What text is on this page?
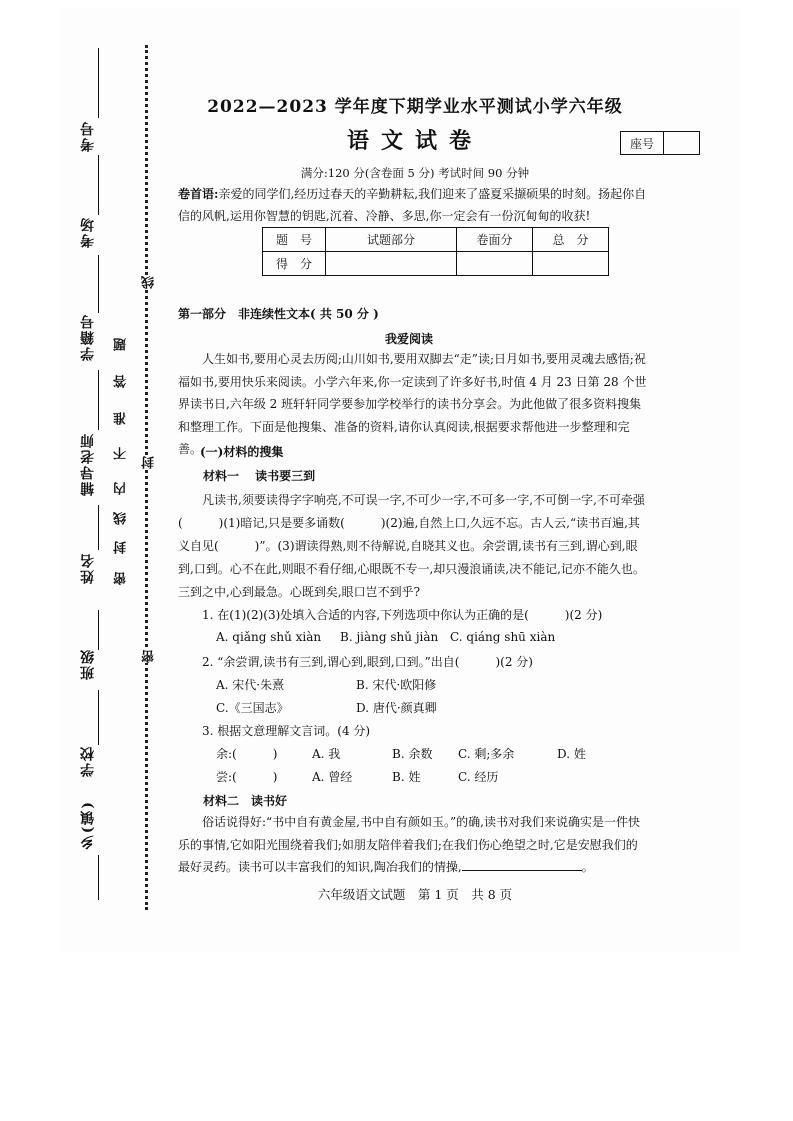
考号
考场
学籍号
辅导老师
姓名
班级
学校
乡(镇)
题
答
准
不
内
线
封
密
线
封
密
2022—2023 学年度下期学业水平测试小学六年级
语文试卷	座号
满分:120 分(含卷面 5 分) 考试时间 90 分钟
卷首语:亲爱的同学们,经历过春天的辛勤耕耘,我们迎来了盛夏采撷硕果的时刻。扬起你自信的风帆,运用你智慧的钥匙,沉着、冷静、多思,你一定会有一份沉甸甸的收获!
题　号	试题部分	卷面分	总　分
得　分			
第一部分　非连续性文本( 共 50 分 )
我爱阅读
人生如书,要用心灵去历阅;山川如书,要用双脚去“走”读;日月如书,要用灵魂去感悟;祝福如书,要用快乐来阅读。小学六年来,你一定读到了许多好书,时值 4 月 23 日第 28 个世界读书日,六年级 2 班轩轩同学要参加学校举行的读书分享会。为此他做了很多资料搜集和整理工作。下面是他搜集、准备的资料,请你认真阅读,根据要求帮他进一步整理和完善。
(一)材料的搜集
材料一　 读书要三到
凡读书,须要读得字字响亮,不可误一字,不可少一字,不可多一字,不可倒一字,不可牵强
(　　　)(1)暗记,只是要多诵数(　　　)(2)遍,自然上口,久远不忘。古人云,“读书百遍,其
义自见(　　　)”。(3)谓读得熟,则不待解说,自晓其义也。余尝谓,读书有三到,谓心到,眼
到,口到。心不在此,则眼不看仔细,心眼既不专一,却只漫浪诵读,决不能记,记亦不能久也。
三到之中,心到最急。心既到矣,眼口岂不到乎?
1. 在(1)(2)(3)处填入合适的内容,下列选项中你认为正确的是(　　　)(2 分)
A. qiǎng shǔ xiàn B. jiàng shǔ jiàn C. qiáng shū xiàn
2. “余尝谓,读书有三到,谓心到,眼到,口到。”出自(　　　)(2 分)
A. 宋代·朱熹	B. 宋代·欧阳修
C.《三国志》	D. 唐代·颜真卿
3. 根据文意理解文言词。(4 分)
余:(　　　)	A. 我	B. 余数 C. 剩;多余	D. 姓
尝:(　　　)	A. 曾经	B. 姓	C. 经历
材料二　读书好
俗话说得好:“书中自有黄金屋,书中自有颜如玉。”的确,读书对我们来说确实是一件快乐的事情,它如阳光围绕着我们;如朋友陪伴着我们;在我们伤心绝望之时,它是安慰我们的最好灵药。读书可以丰富我们的知识,陶冶我们的情操,	。
六年级语文试题　第 1 页　共 8 页
